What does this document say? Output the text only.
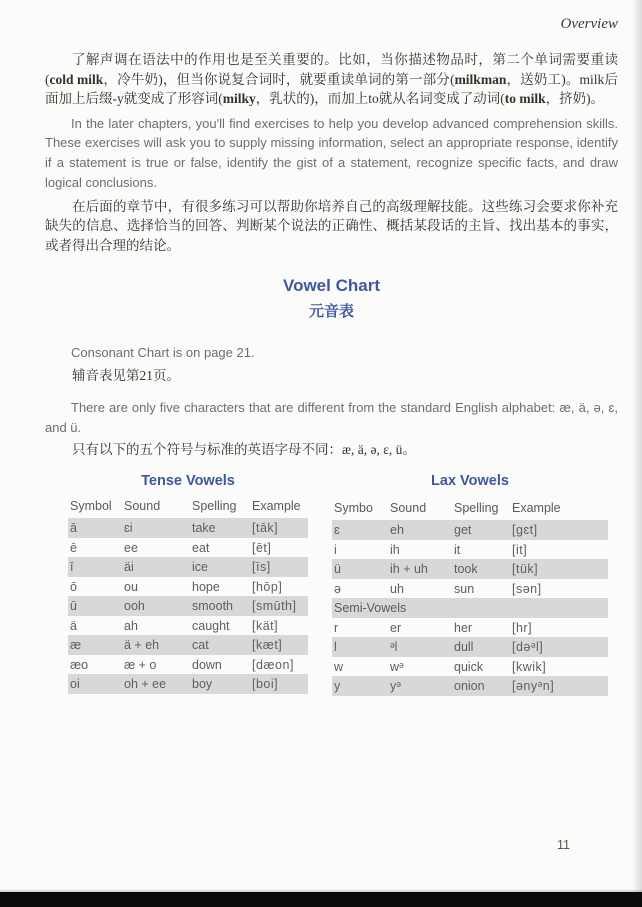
Overview

了解声调在语法中的作用也是至关重要的。比如，当你描述物品时，第二个单词需要重读(cold milk，冷牛奶)，但当你说复合词时，就要重读单词的第一部分(milkman，送奶工)。milk后面加上后缀-y就变成了形容词(milky，乳状的)，而加上to就从名词变成了动词(to milk，挤奶)。

In the later chapters, you'll find exercises to help you develop advanced comprehension skills. These exercises will ask you to supply missing information, select an appropriate response, identify if a statement is true or false, identify the gist of a statement, recognize specific facts, and draw logical conclusions.

在后面的章节中，有很多练习可以帮助你培养自己的高级理解技能。这些练习会要求你补充缺失的信息、选择恰当的回答、判断某个说法的正确性、概括某段话的主旨、找出基本的事实，或者得出合理的结论。

Vowel Chart
元音表
Consonant Chart is on page 21.
辅音表见第21页。

There are only five characters that are different from the standard English alphabet: æ, ä, ə, ɛ, and ü.

只有以下的五个符号与标准的英语字母不同：æ, ä, ə, ɛ, ü。

Tense Vowels
Symbol	Sound	Spelling	Example
ā	ɛi	take	[tāk]
ē	ee	eat	[ēt]
ī	äi	ice	[īs]
ō	ou	hope	[hōp]
ū	ooh	smooth	[smūth]
ä	ah	caught	[kät]
æ	ä + eh	cat	[kæt]
æo	æ + o	down	[dæon]
oi	oh + ee	boy	[boi]
Lax Vowels
Symbo	Sound	Spelling	Example
ɛ	eh	get	[gɛt]
i	ih	it	[it]
ü	ih + uh	took	[tük]
ə	uh	sun	[sən]
Semi-Vowels			
r	er	her	[hr]
l	ᵊl	dull	[dəᵊl]
w	wᵊ	quick	[kwik]
y	yᵊ	onion	[ənyᵊn]
11
